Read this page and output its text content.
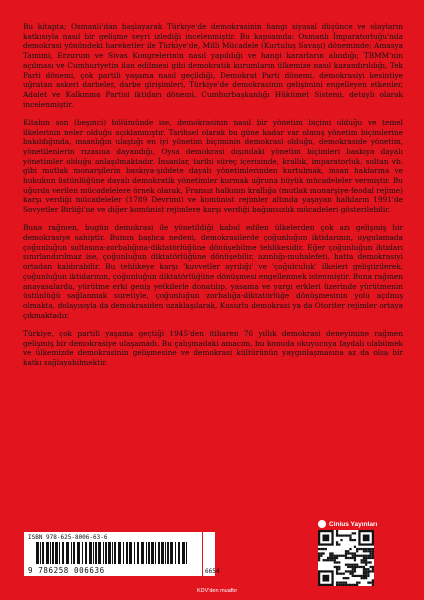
Bu kitapta; Osmanlı'dan başlayarak Türkiye'de demokrasinin hangi siyasal düşünce ve olayların katkısıyla nasıl bir gelişme seyri izlediği incelenmiştir. Bu kapsamda: Osmanlı İmparatorluğu'nda demokrasi yönündeki hareketler ile Türkiye'de, Milli Mücadele (Kurtuluş Savaşı) döneminde; Amasya Tamimi, Erzurum ve Sivas Kongrelerinin nasıl yapıldığı ve hangi kararların alındığı; TBMM'nin açılması ve Cumhuriyetin ilan edilmesi gibi demokratik kurumların ülkemize nasıl kazandırıldığı, Tek Parti dönemi, çok partili yaşama nasıl geçildiği, Demokrat Parti dönemi, demokrasiyi kesintiye uğratan askeri darbeler, darbe girişimleri, Türkiye'de demokrasinin gelişimini engelleyen etkenler, Adalet ve Kalkınma Partisi iktidarı dönemi, Cumhurbaşkanlığı Hükümet Sistemi, detaylı olarak incelenmiştir.

Kitabın son (beşinci) bölümünde ise, demokrasinin nasıl bir yönetim biçimi olduğu ve temel ilkelerinin neler olduğu açıklanmıştır. Tarihsel olarak bu güne kadar var olmuş yönetim biçimlerine bakıldığında, insanlığın ulaştığı en iyi yönetim biçiminin demokrasi olduğu, demokraside yönetim, yönetilenlerin rızasına dayandığı, Oysa demokrasi dışındaki yönetim biçimleri baskıya dayalı yönetimler olduğu anlaşılmaktadır. İnsanlar, tarihi süreç içerisinde, krallık, imparatorluk, sultan vb. gibi mutlak monarşilerin baskıya-şiddete dayalı yönetimlerinden kurtulmak, insan haklarına ve hukukun üstünlüğüne dayalı demokratik yönetimler kurmak uğruna büyük mücadeleler vermiştir. Bu uğurda verilen mücadelelere örnek olarak, Fransız halkının krallığa (mutlak monarşiye-feodal rejime) karşı verdiği mücadeleler (1789 Devrimi) ve komünist rejimler altında yaşayan halkların 1991'de Sovyetler Birliği'ne ve diğer komünist rejimlere karşı verdiği bağımsızlık mücadeleri gösterilebilir.

Buna rağmen, bugün demokrasi ile yönetildiği kabul edilen ülkelerden çok azı gelişmiş bir demokrasiye sahiptir. Bunun başlıca nedeni, demokrasilerde çoğunluğun iktidarının, uygulamada çoğunluğun sultasına-zorbalığına-diktatörlüğüne dönüşebilme tehlikesidir. Eğer çoğunluğun iktidarı sınırlandırılmaz ise, çoğunluğun diktatörlüğüne dönüşebilir, azınlığı-muhalefeti, hatta demokrasiyi ortadan kaldırabilir. Bu tehlikeye karşı 'kuvvetler ayrılığı' ve 'çoğulculuk' ilkeleri geliştirilerek, çoğunluğun iktidarının, çoğunluğun diktatörlüğüne dönüşmesi engellenmek istenmiştir. Buna rağmen anayasalarda, yürütme erki geniş yetkilerle donatılıp, yasama ve yargı erkleri üzerinde yürütmenin üstünlüğü sağlanmak suretiyle, çoğunluğun zorbalığa-diktatörlüğe dönüşmesinin yolu açılmış olmakta, dolayısıyla da demokrasiden uzaklaşılarak, Kusurlu demokrasi ya da Otoriter rejimler ortaya çıkmaktadır.

Türkiye, çok partili yaşama geçtiği 1945'den itibaren 76 yıllık demokrasi deneyimine rağmen gelişmiş bir demokrasiye ulaşamadı. Bu çalışmadaki amacım, bu konuda okuyucuya faydalı olabilmek ve ülkemizde demokrasinin gelişmesine ve demokrasi kültürünün yaygınlaşmasına az da olsa bir katkı sağlayabilmektir.

ISBN 978-625-8006-63-6
9 786258 006636	6654
Cinius Yayınları
KDV'den muaftır
